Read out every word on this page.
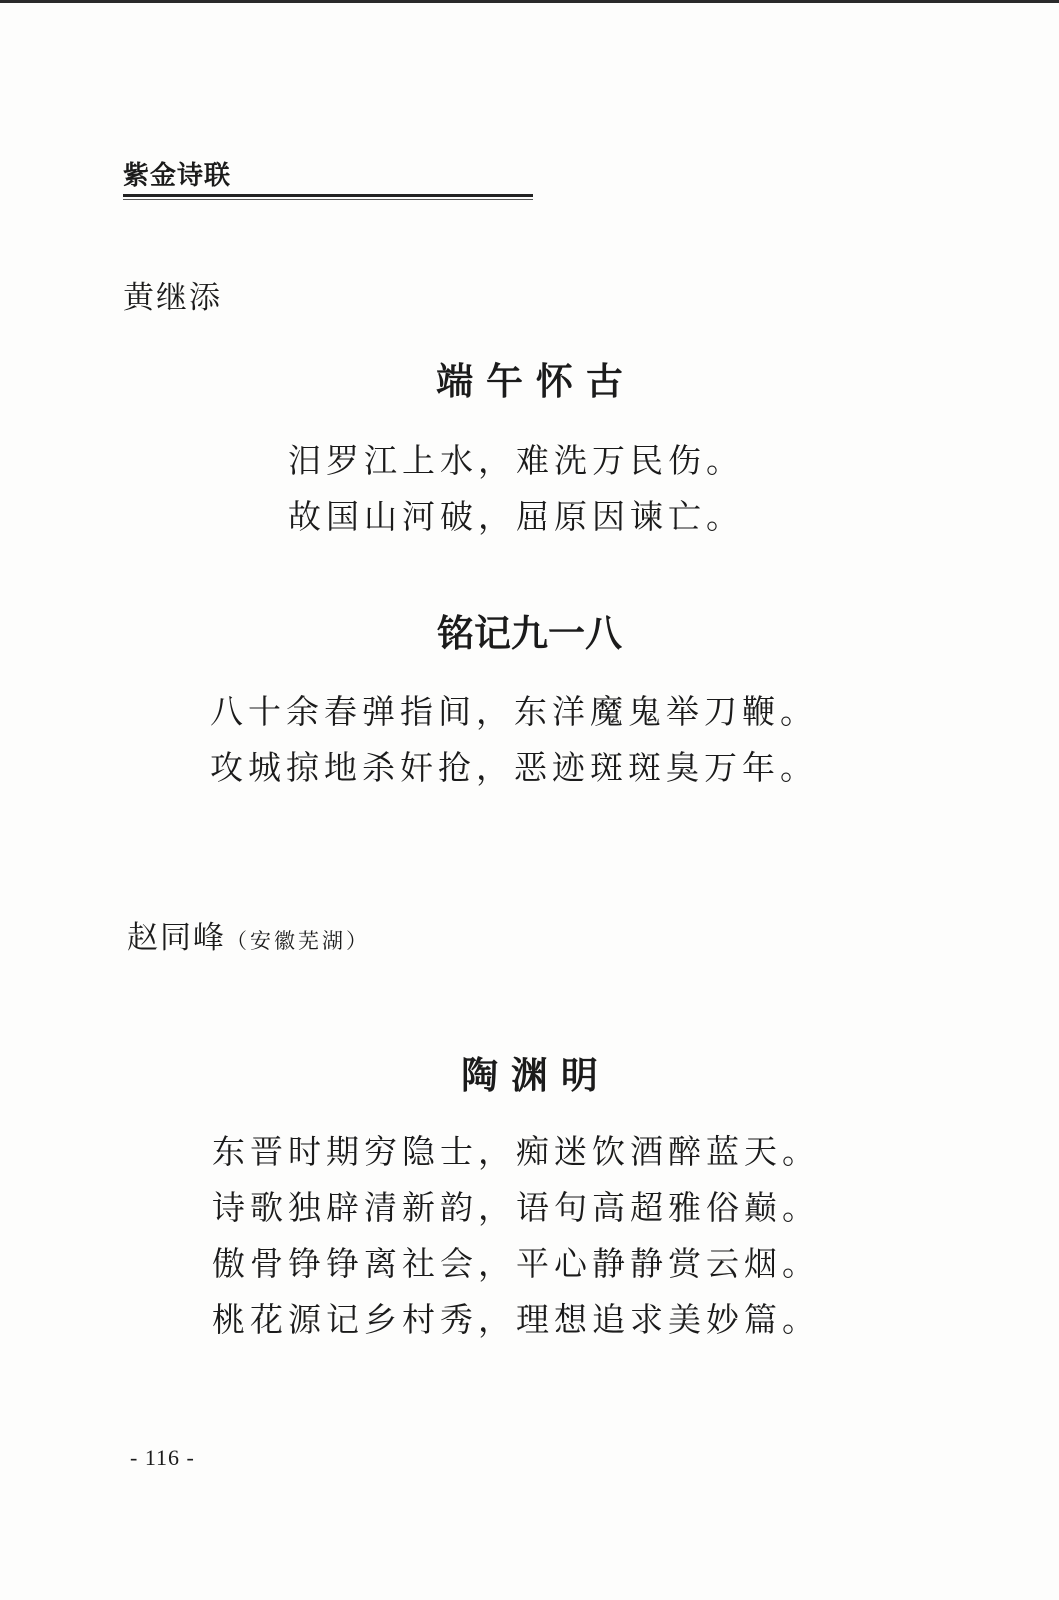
紫金诗联
黄继添
端 午 怀 古
汨罗江上水，难洗万民伤。
故国山河破，屈原因谏亡。
铭记九一八
八十余春弹指间，东洋魔鬼举刀鞭。
攻城掠地杀奸抢，恶迹斑斑臭万年。
赵同峰（安徽芜湖）
陶 渊 明
东晋时期穷隐士，痴迷饮酒醉蓝天。
诗歌独辟清新韵，语句高超雅俗巅。
傲骨铮铮离社会，平心静静赏云烟。
桃花源记乡村秀，理想追求美妙篇。
- 116 -
